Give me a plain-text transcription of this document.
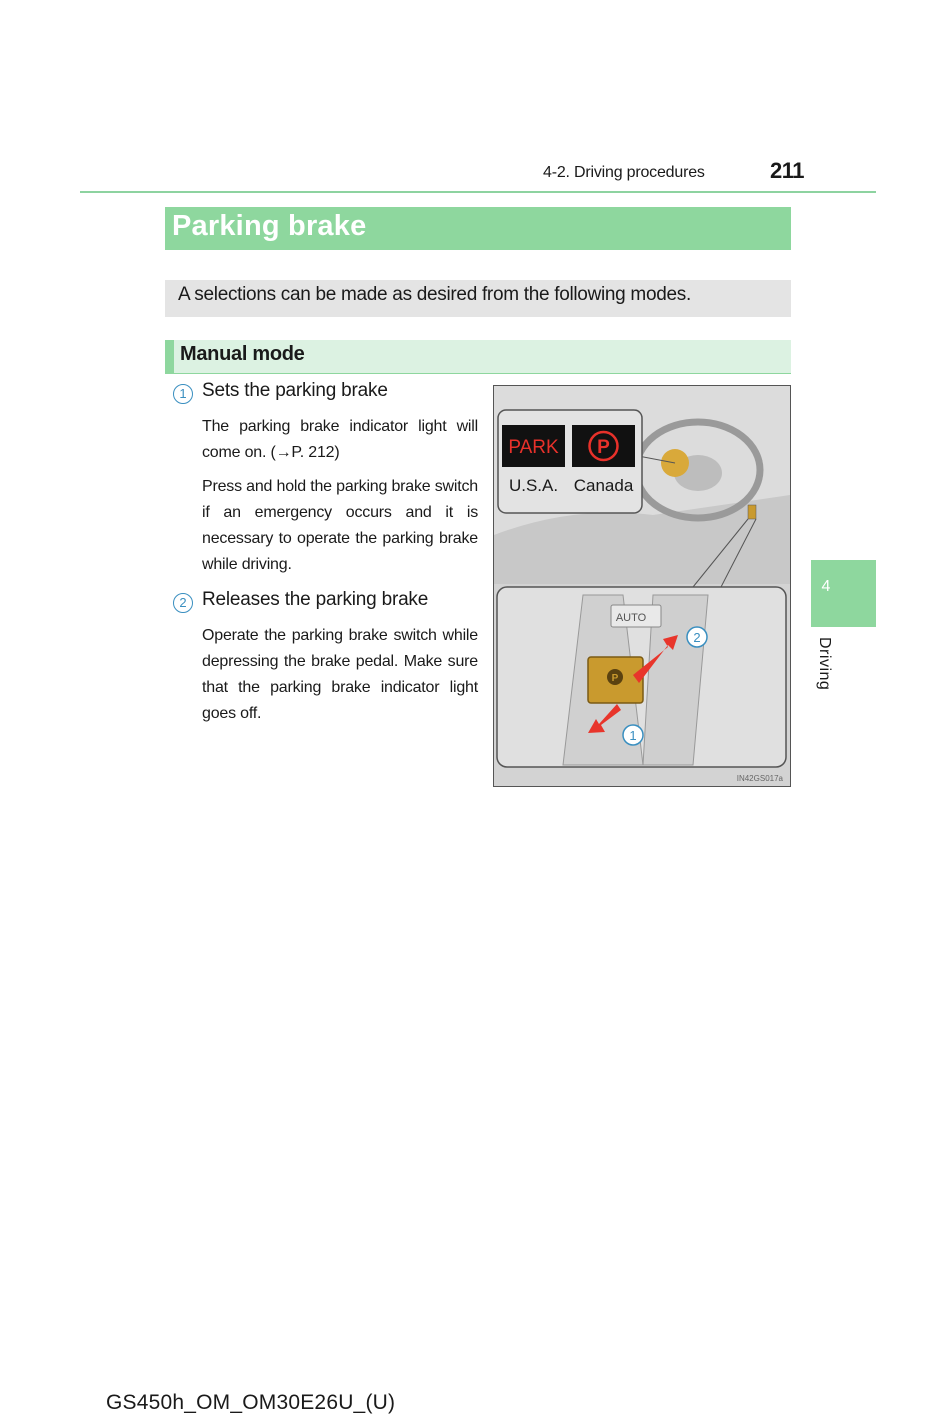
4-2. Driving procedures	211
Parking brake
A selections can be made as desired from the following modes.
Manual mode
1 Sets the parking brake
The parking brake indicator light will come on. (→P. 212)
Press and hold the parking brake switch if an emergency occurs and it is necessary to operate the parking brake while driving.
2 Releases the parking brake
Operate the parking brake switch while depressing the brake pedal. Make sure that the parking brake indicator light goes off.
PARK P
U.S.A. Canada
AUTO
P
2
1
IN42GS017a
4
Driving
GS450h_OM_OM30E26U_(U)
